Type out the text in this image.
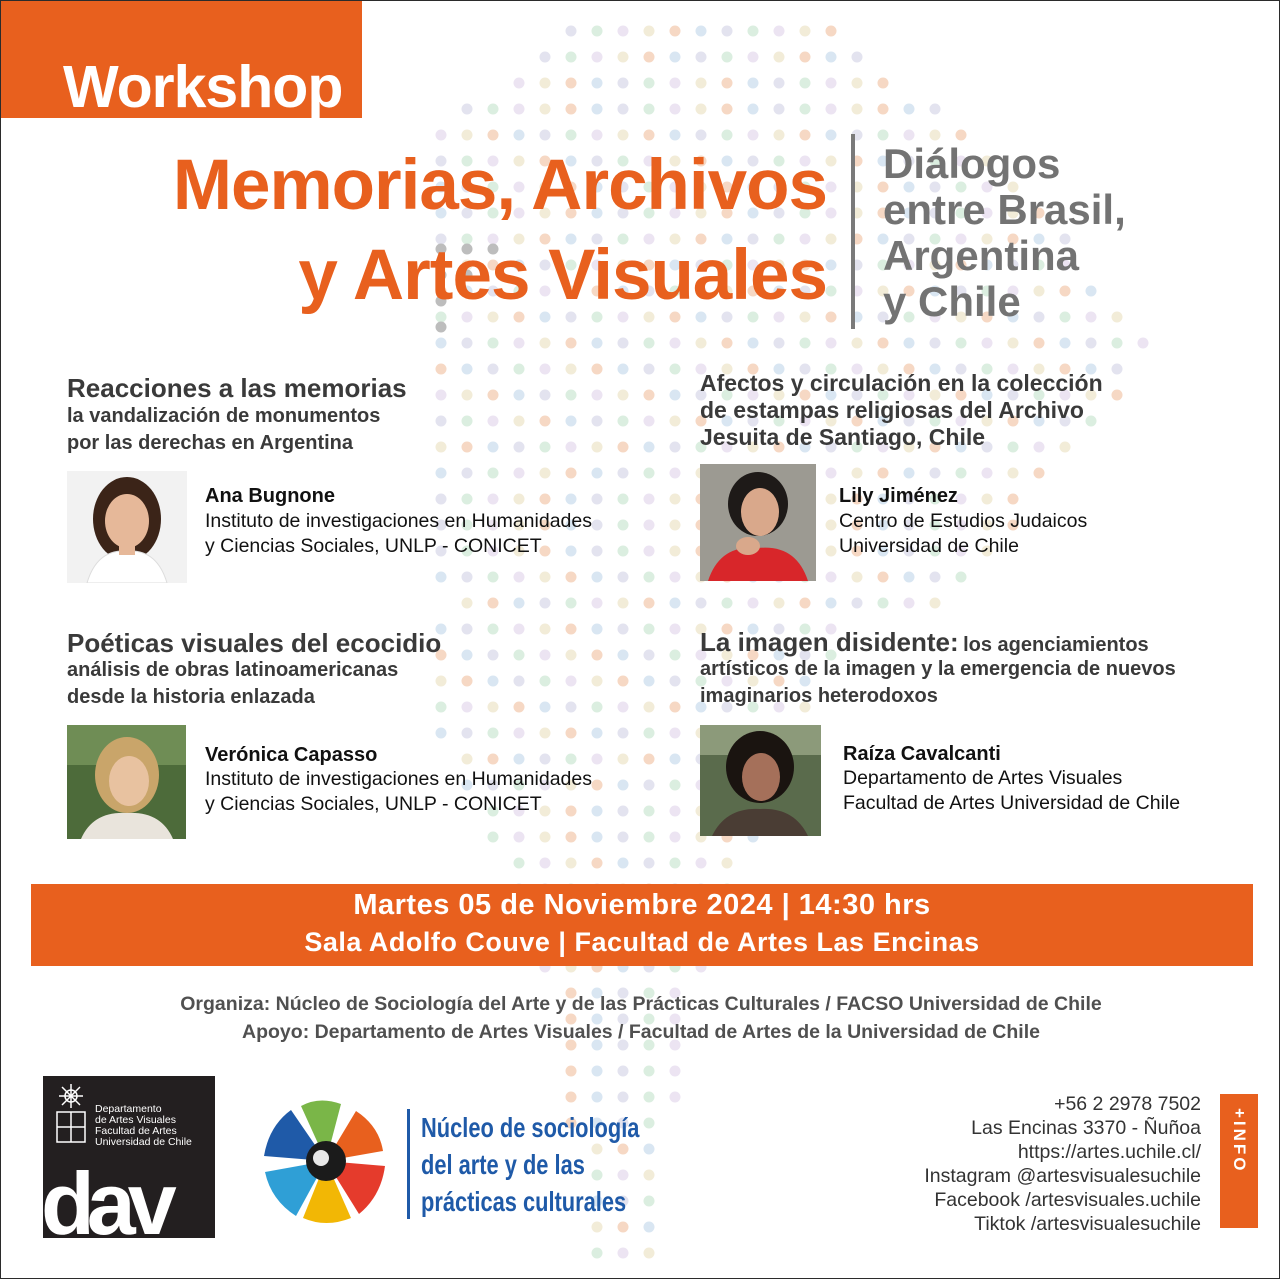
Workshop
Memorias, Archivos
y Artes Visuales
Diálogos
entre Brasil,
Argentina
y Chile
Reacciones a las memorias
la vandalización de monumentos
por las derechas en Argentina
Ana Bugnone
Instituto de investigaciones en Humanidades
y Ciencias Sociales, UNLP - CONICET
Afectos y circulación en la colección
de estampas religiosas del Archivo
Jesuita de Santiago, Chile
Lily Jiménez
Centro de Estudios Judaicos
Universidad de Chile
Poéticas visuales del ecocidio
análisis de obras latinoamericanas
desde la historia enlazada
Verónica Capasso
Instituto de investigaciones en Humanidades
y Ciencias Sociales, UNLP - CONICET
La imagen disidente: los agenciamientos
artísticos de la imagen y la emergencia de nuevos
imaginarios heterodoxos
Raíza Cavalcanti
Departamento de Artes Visuales
Facultad de Artes Universidad de Chile
Martes 05 de Noviembre 2024 | 14:30 hrs
Sala Adolfo Couve | Facultad de Artes Las Encinas
Organiza: Núcleo de Sociología del Arte y de las Prácticas Culturales / FACSO Universidad de Chile
Apoyo: Departamento de Artes Visuales / Facultad de Artes de la Universidad de Chile
Departamento
de Artes Visuales
Facultad de Artes
Universidad de Chile
dav
Núcleo de sociología
del arte y de las
prácticas culturales
+56 2 2978 7502
Las Encinas 3370 - Ñuñoa
https://artes.uchile.cl/
Instagram @artesvisualesuchile
Facebook /artesvisuales.uchile
Tiktok /artesvisualesuchile
+INFO
